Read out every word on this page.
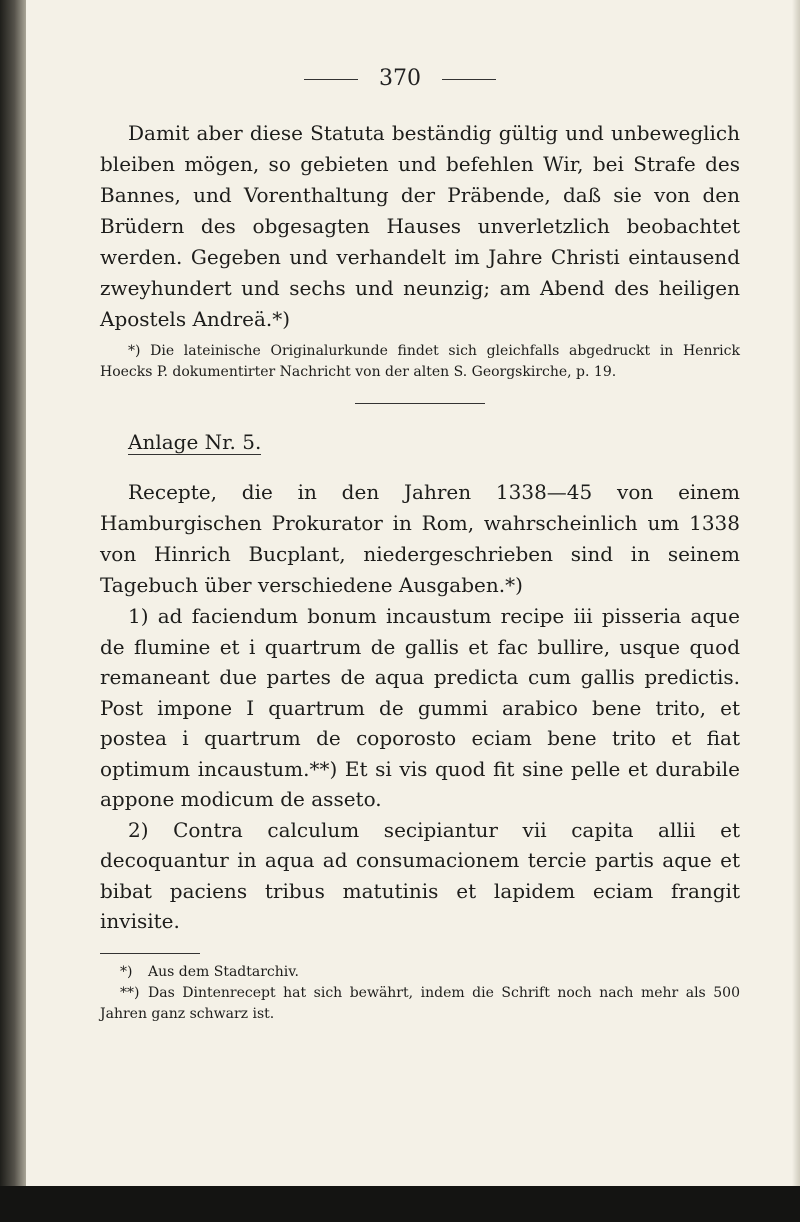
370

Damit aber diese Statuta beständig gültig und unbeweglich bleiben mögen, so gebieten und befehlen Wir, bei Strafe des Bannes, und Vorenthaltung der Präbende, daß sie von den Brüdern des obgesagten Hauses unverletzlich beobachtet werden. Gegeben und verhandelt im Jahre Christi eintausend zweyhundert und sechs und neunzig; am Abend des heiligen Apostels Andreä.*)

*) Die lateinische Originalurkunde findet sich gleichfalls abgedruckt in Henrick Hoecks P. dokumentirter Nachricht von der alten S. Georgskirche, p. 19.

Anlage Nr. 5.

Recepte, die in den Jahren 1338—45 von einem Hamburgischen Prokurator in Rom, wahrscheinlich um 1338 von Hinrich Bucplant, niedergeschrieben sind in seinem Tagebuch über verschiedene Ausgaben.*)

1) ad faciendum bonum incaustum recipe iii pisseria aque de flumine et i quartrum de gallis et fac bullire, usque quod remaneant due partes de aqua predicta cum gallis predictis. Post impone I quartrum de gummi arabico bene trito, et postea i quartrum de coporosto eciam bene trito et fiat optimum incaustum.**) Et si vis quod fit sine pelle et durabile appone modicum de asseto.

2) Contra calculum secipiantur vii capita allii et decoquantur in aqua ad consumacionem tercie partis aque et bibat paciens tribus matutinis et lapidem eciam frangit invisite.

*) Aus dem Stadtarchiv.

**) Das Dintenrecept hat sich bewährt, indem die Schrift noch nach mehr als 500 Jahren ganz schwarz ist.
